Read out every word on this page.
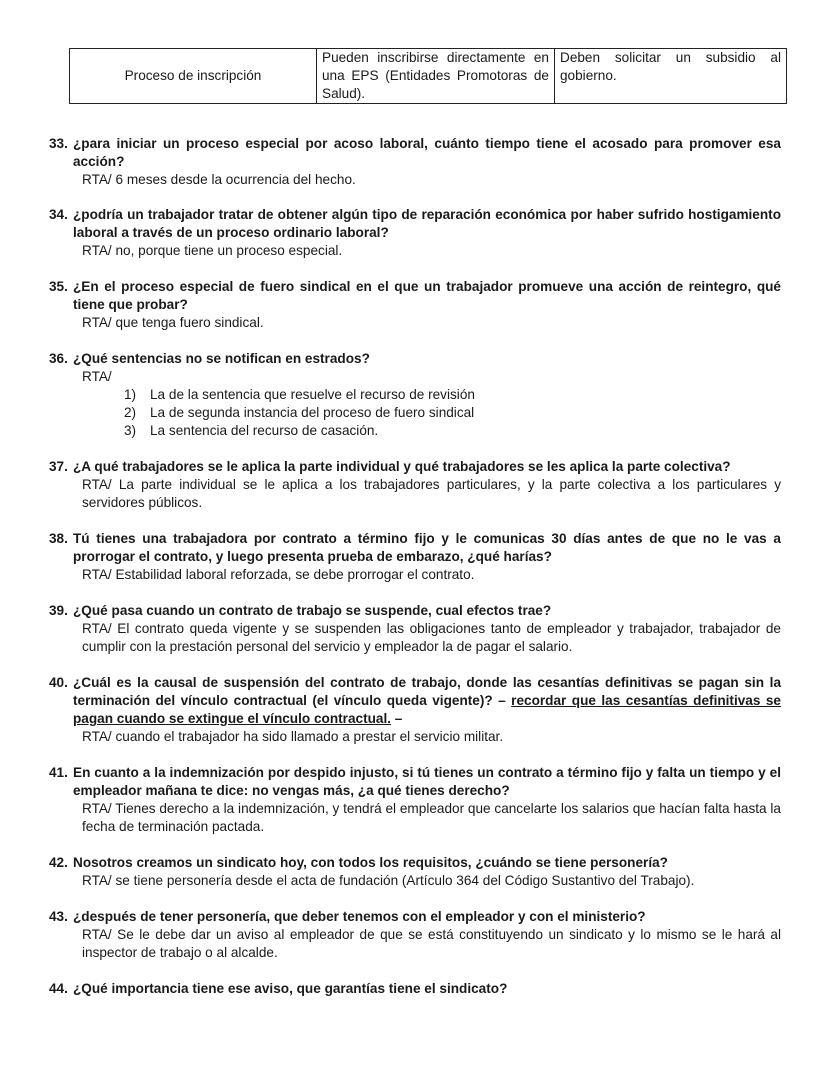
Proceso de inscripción	Pueden inscribirse directamente en una EPS (Entidades Promotoras de Salud).	Deben solicitar un subsidio al gobierno.
33. ¿para iniciar un proceso especial por acoso laboral, cuánto tiempo tiene el acosado para promover esa acción?
RTA/ 6 meses desde la ocurrencia del hecho.
34. ¿podría un trabajador tratar de obtener algún tipo de reparación económica por haber sufrido hostigamiento laboral a través de un proceso ordinario laboral?
RTA/ no, porque tiene un proceso especial.
35. ¿En el proceso especial de fuero sindical en el que un trabajador promueve una acción de reintegro, qué tiene que probar?
RTA/ que tenga fuero sindical.
36. ¿Qué sentencias no se notifican en estrados?
RTA/
1) La de la sentencia que resuelve el recurso de revisión
2) La de segunda instancia del proceso de fuero sindical
3) La sentencia del recurso de casación.
37. ¿A qué trabajadores se le aplica la parte individual y qué trabajadores se les aplica la parte colectiva?
RTA/ La parte individual se le aplica a los trabajadores particulares, y la parte colectiva a los particulares y servidores públicos.
38. Tú tienes una trabajadora por contrato a término fijo y le comunicas 30 días antes de que no le vas a prorrogar el contrato, y luego presenta prueba de embarazo, ¿qué harías?
RTA/ Estabilidad laboral reforzada, se debe prorrogar el contrato.
39. ¿Qué pasa cuando un contrato de trabajo se suspende, cual efectos trae?
RTA/ El contrato queda vigente y se suspenden las obligaciones tanto de empleador y trabajador, trabajador de cumplir con la prestación personal del servicio y empleador la de pagar el salario.
40. ¿Cuál es la causal de suspensión del contrato de trabajo, donde las cesantías definitivas se pagan sin la terminación del vínculo contractual (el vínculo queda vigente)? – recordar que las cesantías definitivas se pagan cuando se extingue el vínculo contractual. –
RTA/ cuando el trabajador ha sido llamado a prestar el servicio militar.
41. En cuanto a la indemnización por despido injusto, si tú tienes un contrato a término fijo y falta un tiempo y el empleador mañana te dice: no vengas más, ¿a qué tienes derecho?
RTA/ Tienes derecho a la indemnización, y tendrá el empleador que cancelarte los salarios que hacían falta hasta la fecha de terminación pactada.
42. Nosotros creamos un sindicato hoy, con todos los requisitos, ¿cuándo se tiene personería?
RTA/ se tiene personería desde el acta de fundación (Artículo 364 del Código Sustantivo del Trabajo).
43. ¿después de tener personería, que deber tenemos con el empleador y con el ministerio?
RTA/ Se le debe dar un aviso al empleador de que se está constituyendo un sindicato y lo mismo se le hará al inspector de trabajo o al alcalde.
44. ¿Qué importancia tiene ese aviso, que garantías tiene el sindicato?
